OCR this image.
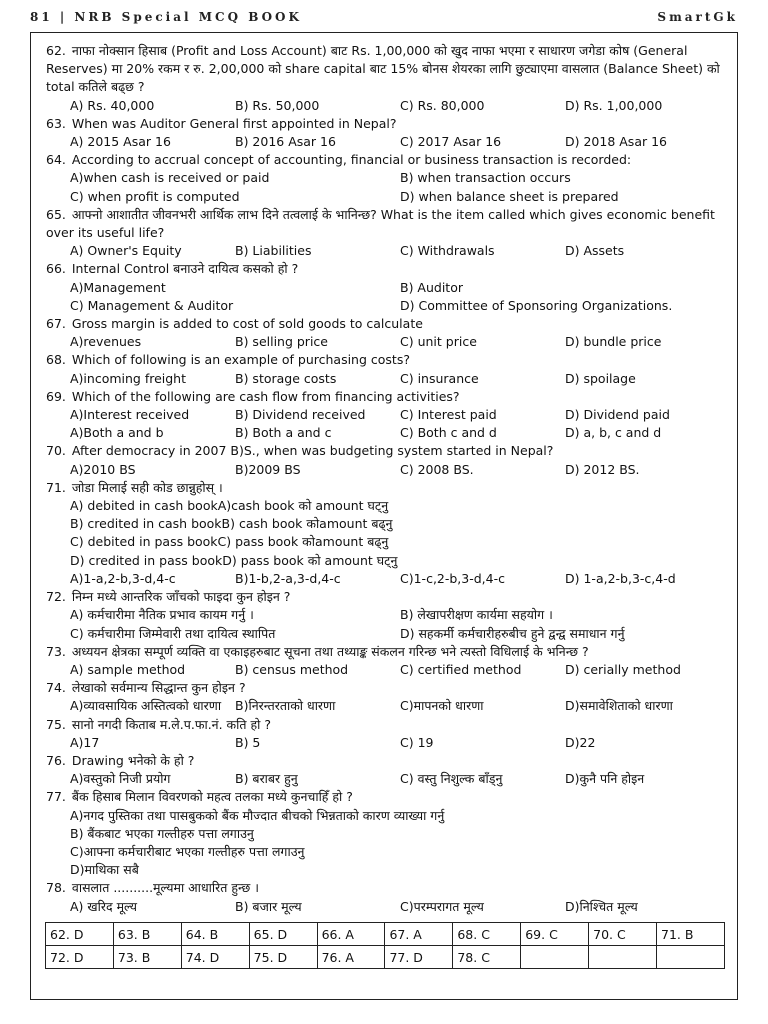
81 | NRB Special MCQ BOOK	SmartGk
62. नाफा नोक्सान हिसाब (Profit and Loss Account) बाट Rs. 1,00,000 को खुद नाफा भएमा र साधारण जगेडा कोष (General Reserves) मा 20% रकम र रु. 2,00,000 को share capital बाट 15% बोनस शेयरका लागि छुट्याएमा वासलात (Balance Sheet) को total कतिले बढ्छ ?
A) Rs. 40,000	B) Rs. 50,000	C) Rs. 80,000	D) Rs. 1,00,000
63. When was Auditor General first appointed in Nepal?
A) 2015 Asar 16	B) 2016 Asar 16	C) 2017 Asar 16	D) 2018 Asar 16
64. According to accrual concept of accounting, financial or business transaction is recorded:
A)when cash is received or paid	B) when transaction occurs
C) when profit is computed	D) when balance sheet is prepared
65. आफ्नो आशातीत जीवनभरी आर्थिक लाभ दिने तत्वलाई के भानिन्छ? What is the item called which gives economic benefit over its useful life?
A) Owner's Equity	B) Liabilities	C) Withdrawals	D) Assets
66. Internal Control बनाउने दायित्व कसको हो ?
A)Management	B) Auditor
C) Management & Auditor	D) Committee of Sponsoring Organizations.
67. Gross margin is added to cost of sold goods to calculate
A)revenues	B) selling price	C) unit price	D) bundle price
68. Which of following is an example of purchasing costs?
A)incoming freight	B) storage costs	C) insurance	D) spoilage
69. Which of the following are cash flow from financing activities?
A)Interest received	B) Dividend received	C) Interest paid	D) Dividend paid
A)Both a and b	B) Both a and c	C) Both c and d	D) a, b, c and d
70. After democracy in 2007 B)S., when was budgeting system started in Nepal?
A)2010 BS	B)2009 BS	C) 2008 BS.	D) 2012 BS.
71. जोडा मिलाई सही कोड छान्नुहोस् ।
A) debited in cash bookA)cash book को amount घट्नु
B) credited in cash bookB) cash book कोamount बढ्नु
C) debited in pass bookC) pass book कोamount बढ्नु
D) credited in pass bookD) pass book को amount घट्नु
A)1-a,2-b,3-d,4-c	B)1-b,2-a,3-d,4-c	C)1-c,2-b,3-d,4-c	D) 1-a,2-b,3-c,4-d
72. निम्न मध्ये आन्तरिक जाँचको फाइदा कुन होइन ?
A) कर्मचारीमा नैतिक प्रभाव कायम गर्नु ।	B) लेखापरीक्षण कार्यमा सहयोग ।
C) कर्मचारीमा जिम्मेवारी तथा दायित्व स्थापित	D) सहकर्मी कर्मचारीहरुबीच हुने द्वन्द्व समाधान गर्नु
73. अध्ययन क्षेत्रका सम्पूर्ण व्यक्ति वा एकाइहरुबाट सूचना तथा तथ्याङ्क संकलन गरिन्छ भने त्यस्तो विधिलाई के भनिन्छ ?
A) sample method	B) census method	C) certified method	D) cerially method
74. लेखाको सर्वमान्य सिद्धान्त कुन होइन ?
A)व्यावसायिक अस्तित्वको धारणा	B)निरन्तरताको धारणा	C)मापनको धारणा	D)समावेशिताको धारणा
75. सानो नगदी किताब म.ले.प.फा.नं. कति हो ?
A)17	B) 5	C) 19	D)22
76. Drawing भनेको के हो ?
A)वस्तुको निजी प्रयोग	B) बराबर हुनु	C) वस्तु निशुल्क बाँड्नु	D)कुनै पनि होइन
77. बैंक हिसाब मिलान विवरणको महत्व तलका मध्ये कुनचाहिँ हो ?
A)नगद पुस्तिका तथा पासबुकको बैंक मौज्दात बीचको भिन्नताको कारण व्याख्या गर्नु
B) बैंकबाट भएका गल्तीहरु पत्ता लगाउनु
C)आफ्ना कर्मचारीबाट भएका गल्तीहरु पत्ता लगाउनु
D)माथिका सबै
78. वासलात ..........मूल्यमा आधारित हुन्छ ।
A) खरिद मूल्य	B) बजार मूल्य	C)परम्परागत मूल्य	D)निश्चित मूल्य
62. D	63. B	64. B	65. D	66. A	67. A	68. C	69. C	70. C	71. B
72. D	73. B	74. D	75. D	76. A	77. D	78. C			
